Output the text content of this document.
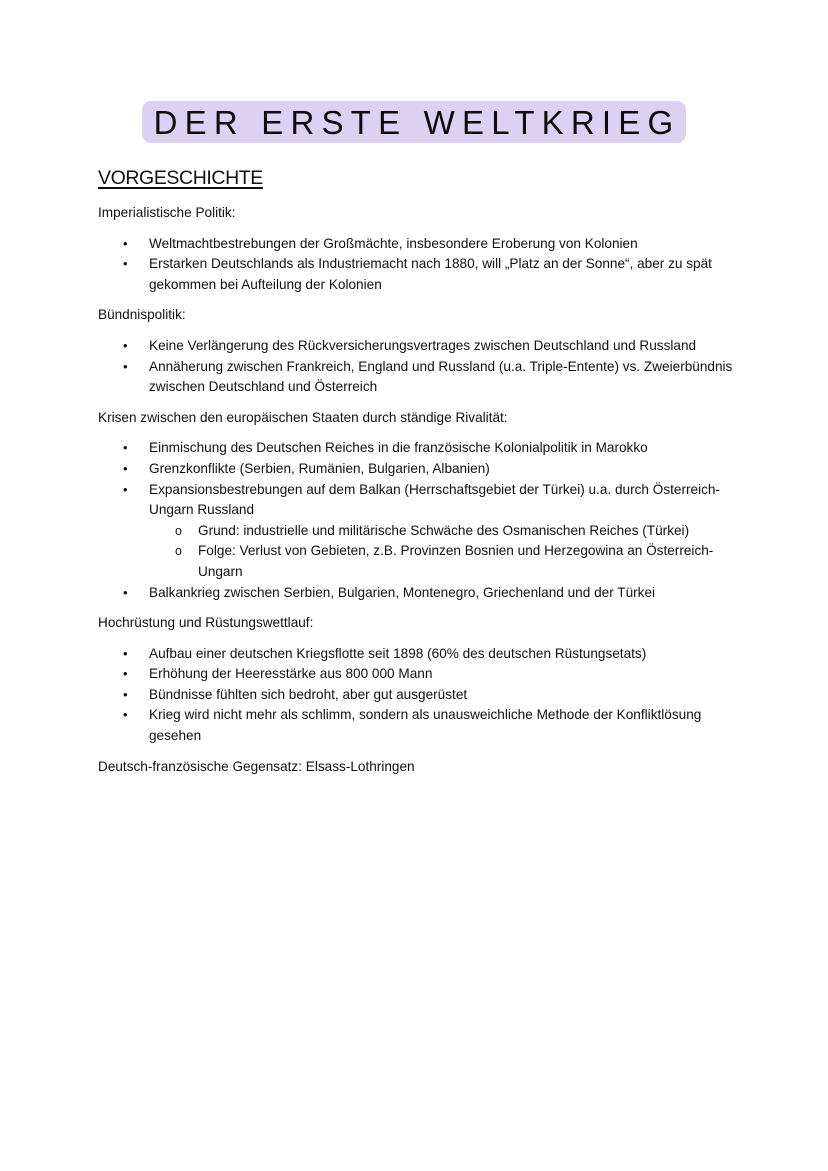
DER ERSTE WELTKRIEG
VORGESCHICHTE

Imperialistische Politik:

• Weltmachtbestrebungen der Großmächte, insbesondere Eroberung von Kolonien
• Erstarken Deutschlands als Industriemacht nach 1880, will „Platz an der Sonne“, aber zu spät gekommen bei Aufteilung der Kolonien

Bündnispolitik:

• Keine Verlängerung des Rückversicherungsvertrages zwischen Deutschland und Russland
• Annäherung zwischen Frankreich, England und Russland (u.a. Triple-Entente) vs. Zweierbündnis zwischen Deutschland und Österreich

Krisen zwischen den europäischen Staaten durch ständige Rivalität:

• Einmischung des Deutschen Reiches in die französische Kolonialpolitik in Marokko
• Grenzkonflikte (Serbien, Rumänien, Bulgarien, Albanien)
• Expansionsbestrebungen auf dem Balkan (Herrschaftsgebiet der Türkei) u.a. durch Österreich-Ungarn Russland
o Grund: industrielle und militärische Schwäche des Osmanischen Reiches (Türkei)
o Folge: Verlust von Gebieten, z.B. Provinzen Bosnien und Herzegowina an Österreich-Ungarn
• Balkankrieg zwischen Serbien, Bulgarien, Montenegro, Griechenland und der Türkei

Hochrüstung und Rüstungswettlauf:

• Aufbau einer deutschen Kriegsflotte seit 1898 (60% des deutschen Rüstungsetats)
• Erhöhung der Heeresstärke aus 800 000 Mann
• Bündnisse fühlten sich bedroht, aber gut ausgerüstet
• Krieg wird nicht mehr als schlimm, sondern als unausweichliche Methode der Konfliktlösung gesehen

Deutsch-französische Gegensatz: Elsass-Lothringen
